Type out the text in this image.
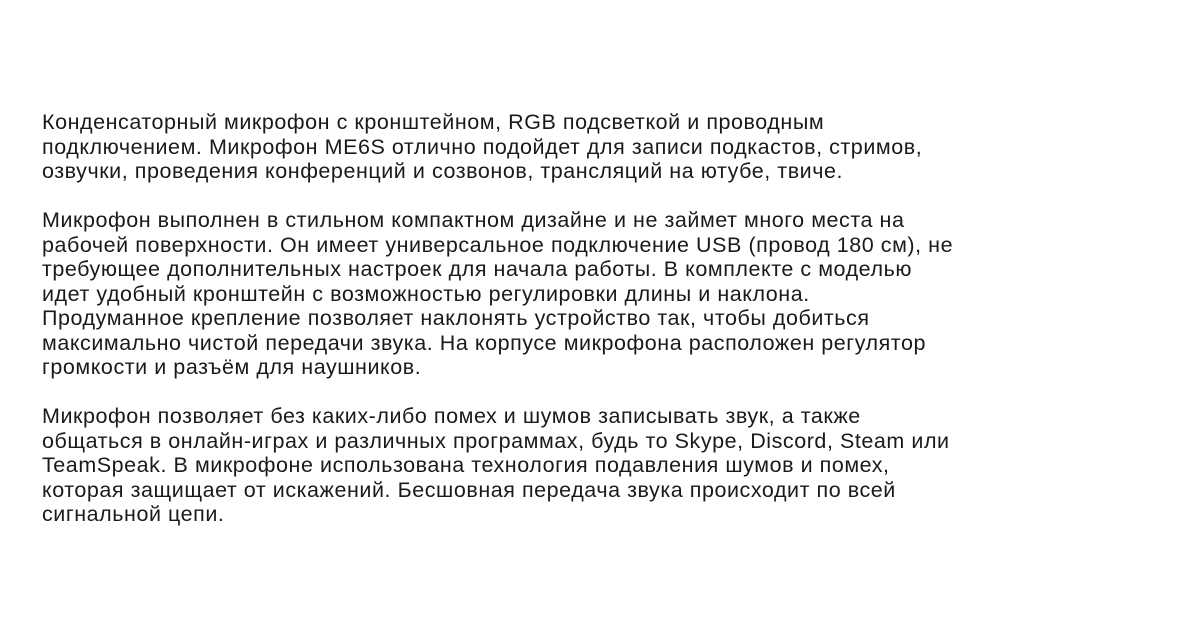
Конденсаторный микрофон с кронштейном, RGB подсветкой и проводным
подключением. Микрофон ME6S отлично подойдет для записи подкастов, стримов,
озвучки, проведения конференций и созвонов, трансляций на ютубе, твиче.

Микрофон выполнен в стильном компактном дизайне и не займет много места на
рабочей поверхности. Он имеет универсальное подключение USB (провод 180 см), не
требующее дополнительных настроек для начала работы. В комплекте с моделью
идет удобный кронштейн с возможностью регулировки длины и наклона.
Продуманное крепление позволяет наклонять устройство так, чтобы добиться
максимально чистой передачи звука. На корпусе микрофона расположен регулятор
громкости и разъём для наушников.

Микрофон позволяет без каких-либо помех и шумов записывать звук, а также
общаться в онлайн-играх и различных программах, будь то Skype, Discord, Steam или
TeamSpeak. В микрофоне использована технология подавления шумов и помех,
которая защищает от искажений. Бесшовная передача звука происходит по всей
сигнальной цепи.
